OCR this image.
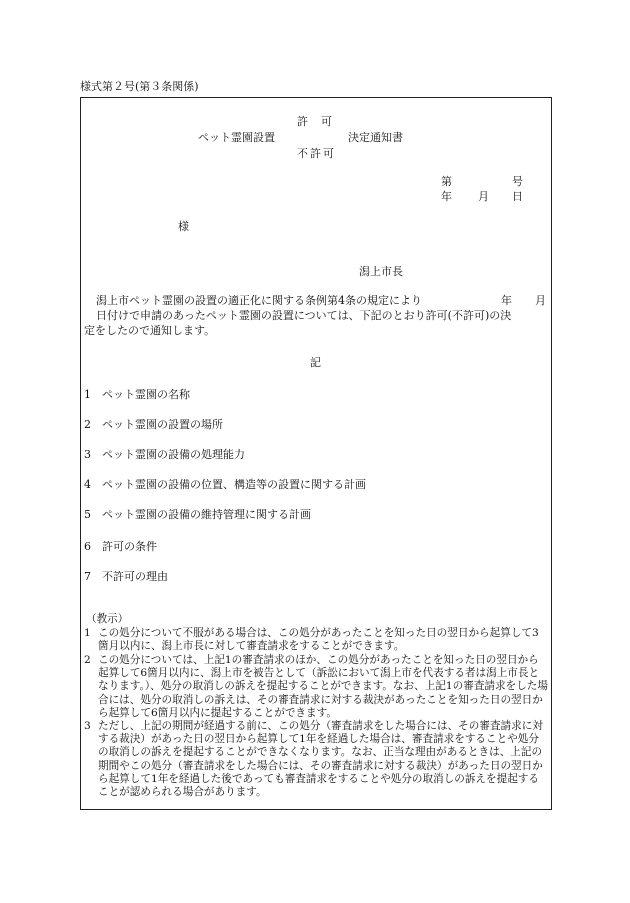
様式第２号(第３条関係)
許　可
ペット霊園設置	決定通知書
不許可
第	号
年 月 日
様
潟上市長
潟上市ペット霊園の設置の適正化に関する条例第4条の規定により	年 月
日付けで申請のあったペット霊園の設置については、下記のとおり許可(不許可)の決
定をしたので通知します。
記
1　ペット霊園の名称
2　ペット霊園の設置の場所
3　ペット霊園の設備の処理能力
4　ペット霊園の設備の位置、構造等の設置に関する計画
5　ペット霊園の設備の維持管理に関する計画
6　許可の条件
7　不許可の理由
（教示）
1 この処分について不服がある場合は、この処分があったことを知った日の翌日から起算して3箇月以内に、潟上市長に対して審査請求をすることができます。
2 この処分については、上記1の審査請求のほか、この処分があったことを知った日の翌日から起算して6箇月以内に、潟上市を被告として（訴訟において潟上市を代表する者は潟上市長となります。）、処分の取消しの訴えを提起することができます。なお、上記1の審査請求をした場合には、処分の取消しの訴えは、その審査請求に対する裁決があったことを知った日の翌日から起算して6箇月以内に提起することができます。
3 ただし、上記の期間が経過する前に、この処分（審査請求をした場合には、その審査請求に対する裁決）があった日の翌日から起算して1年を経過した場合は、審査請求をすることや処分の取消しの訴えを提起することができなくなります。なお、正当な理由があるときは、上記の期間やこの処分（審査請求をした場合には、その審査請求に対する裁決）があった日の翌日から起算して1年を経過した後であっても審査請求をすることや処分の取消しの訴えを提起することが認められる場合があります。
